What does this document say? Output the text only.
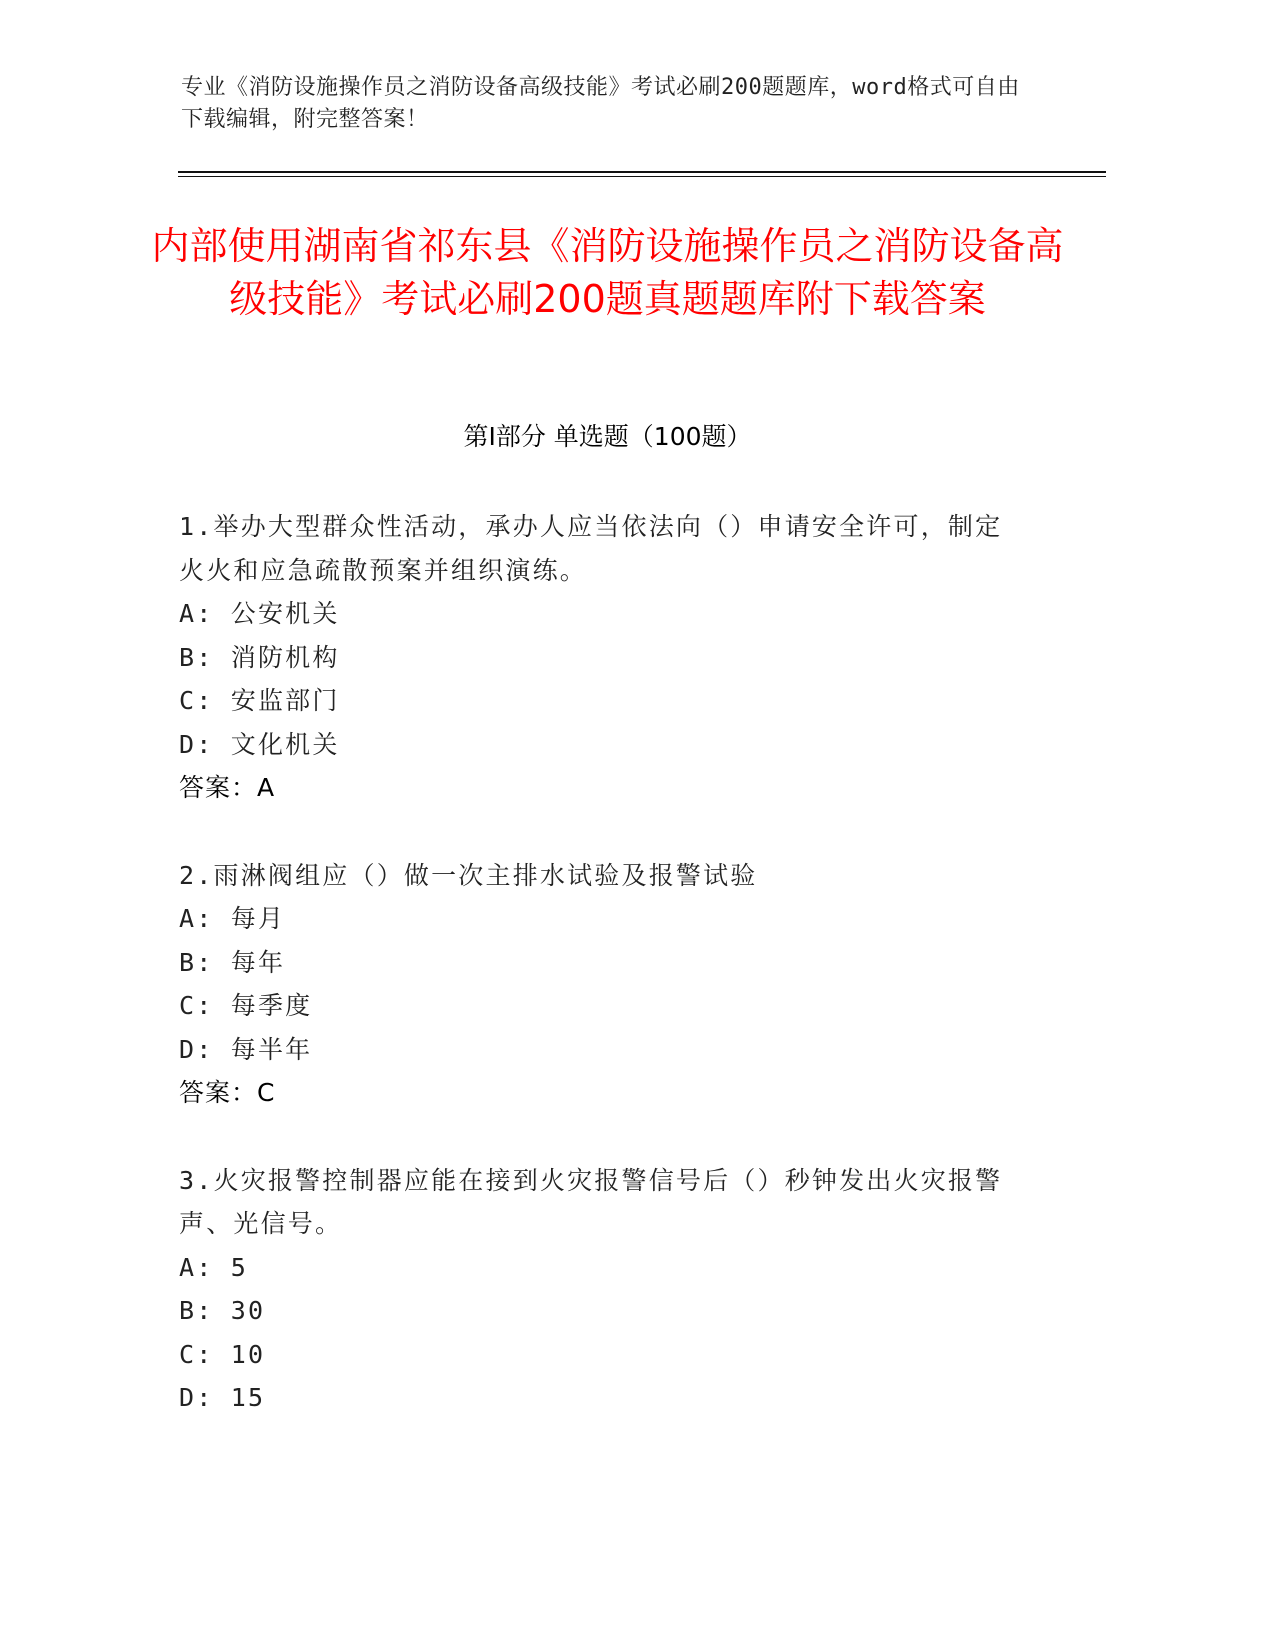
专业《消防设施操作员之消防设备高级技能》考试必刷200题题库，word格式可自由下载编辑，附完整答案！
内部使用湖南省祁东县《消防设施操作员之消防设备高级技能》考试必刷200题真题题库附下载答案
第Ⅰ部分 单选题（100题）
1.举办大型群众性活动，承办人应当依法向（）申请安全许可，制定火火和应急疏散预案并组织演练。
A: 公安机关
B: 消防机构
C: 安监部门
D: 文化机关
答案：A
2.雨淋阀组应（）做一次主排水试验及报警试验
A: 每月
B: 每年
C: 每季度
D: 每半年
答案：C
3.火灾报警控制器应能在接到火灾报警信号后（）秒钟发出火灾报警声、光信号。
A: 5
B: 30
C: 10
D: 15
